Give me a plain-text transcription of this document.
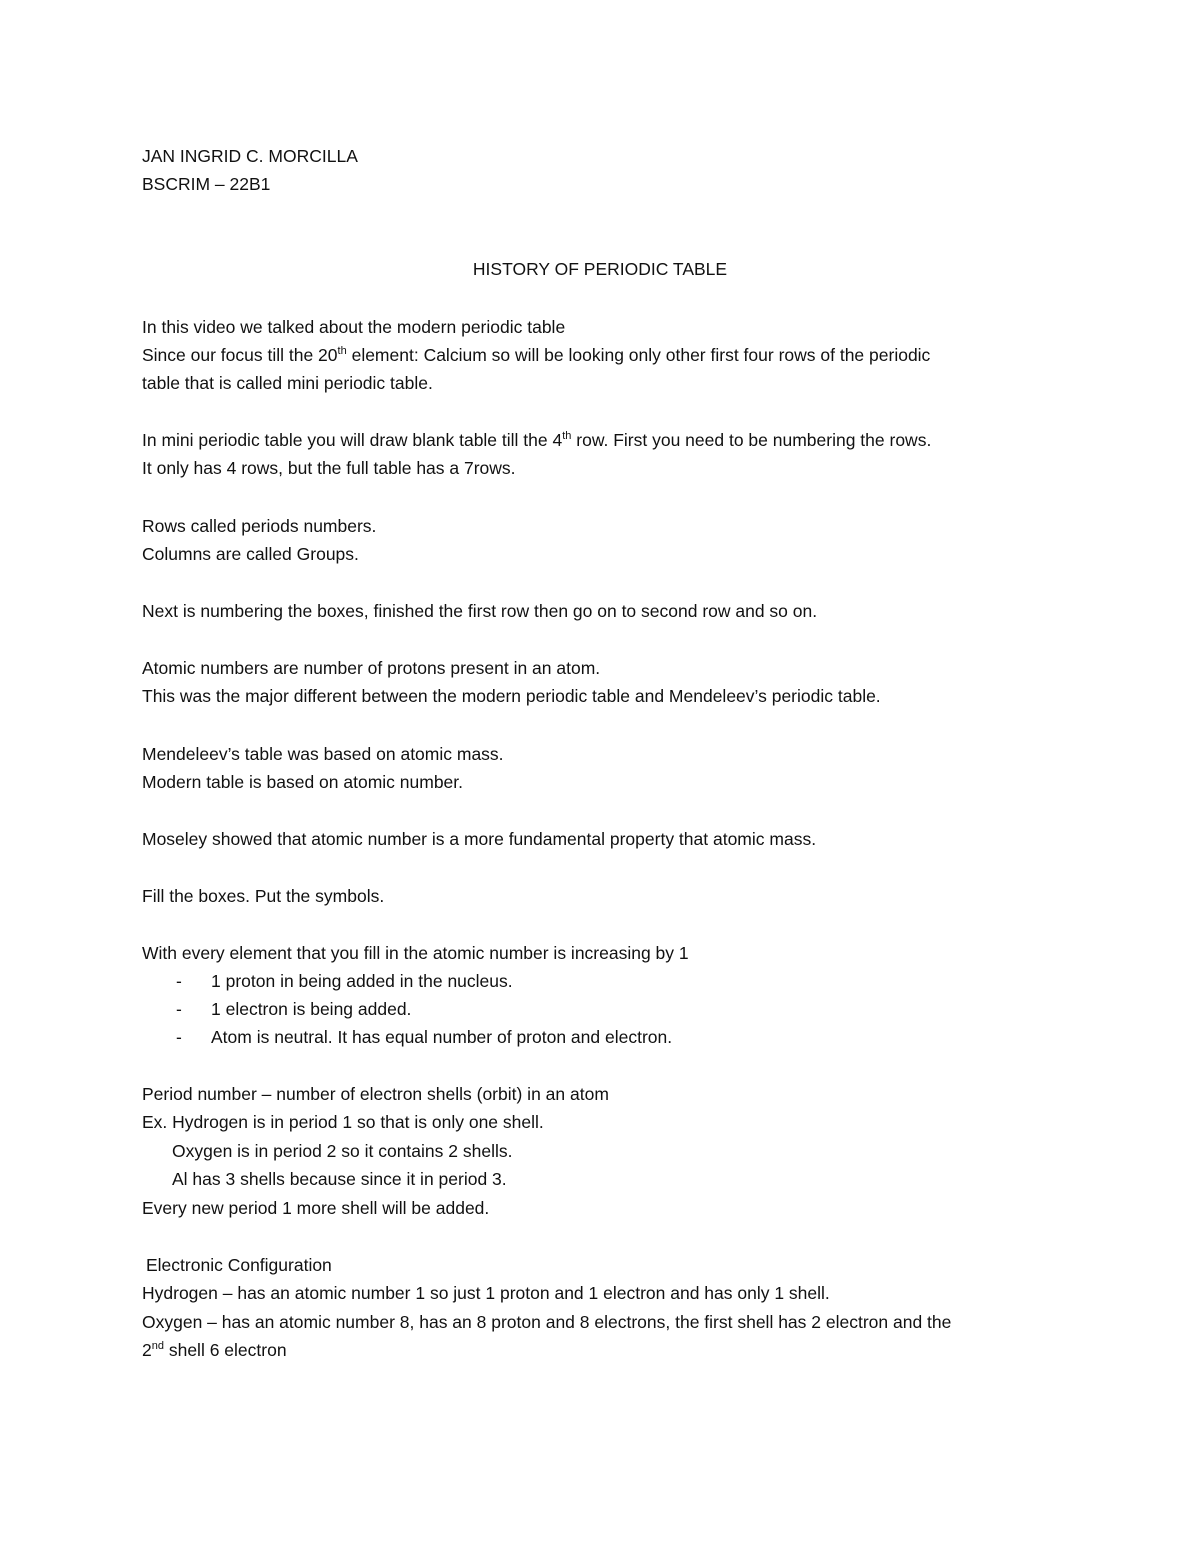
JAN INGRID C. MORCILLA
BSCRIM – 22B1
HISTORY OF PERIODIC TABLE
In this video we talked about the modern periodic table
Since our focus till the 20th element: Calcium so will be looking only other first four rows of the periodic
table that is called mini periodic table.
In mini periodic table you will draw blank table till the 4th row. First you need to be numbering the rows.
It only has 4 rows, but the full table has a 7rows.
Rows called periods numbers.
Columns are called Groups.
Next is numbering the boxes, finished the first row then go on to second row and so on.
Atomic numbers are number of protons present in an atom.
This was the major different between the modern periodic table and Mendeleev’s periodic table.
Mendeleev’s table was based on atomic mass.
Modern table is based on atomic number.
Moseley showed that atomic number is a more fundamental property that atomic mass.
Fill the boxes. Put the symbols.
With every element that you fill in the atomic number is increasing by 1
- 1 proton in being added in the nucleus.
- 1 electron is being added.
- Atom is neutral. It has equal number of proton and electron.
Period number – number of electron shells (orbit) in an atom
Ex. Hydrogen is in period 1 so that is only one shell.
Oxygen is in period 2 so it contains 2 shells.
Al has 3 shells because since it in period 3.
Every new period 1 more shell will be added.
Electronic Configuration
Hydrogen – has an atomic number 1 so just 1 proton and 1 electron and has only 1 shell.
Oxygen – has an atomic number 8, has an 8 proton and 8 electrons, the first shell has 2 electron and the
2nd shell 6 electron
